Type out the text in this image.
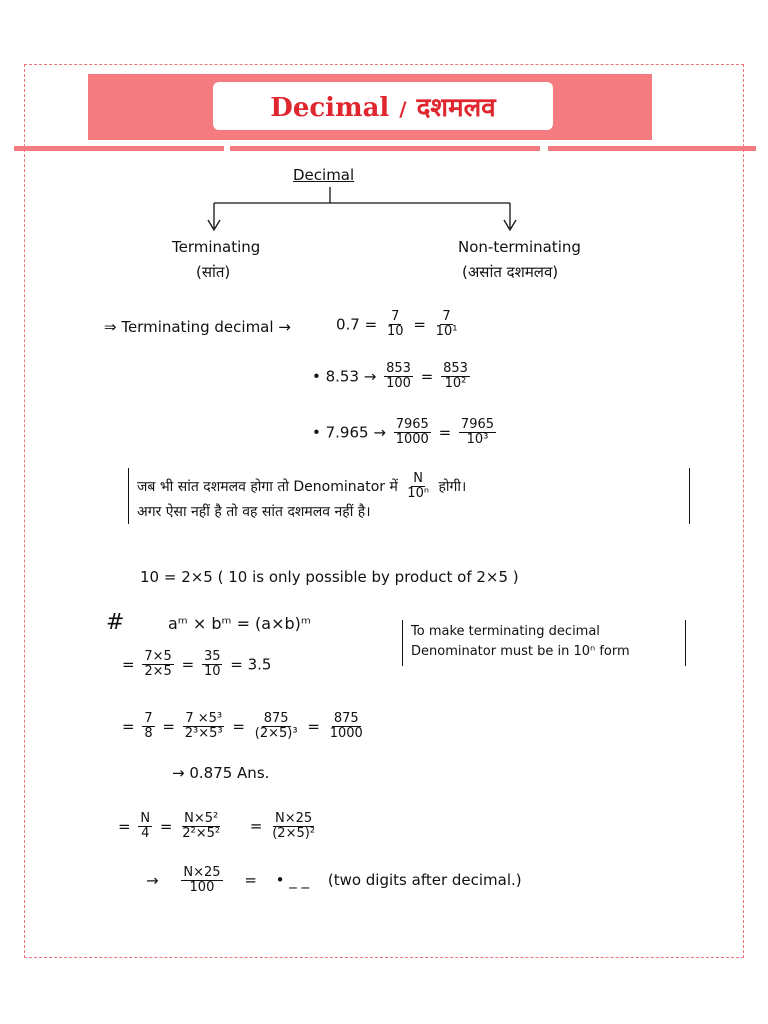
Decimal / दशमलव
Decimal
Terminating
(सांत)
Non-terminating
(असांत दशमलव)
⇒ Terminating decimal →	$0.7 = \frac{7}{10} = \frac{7}{\text{10¹}}$
• $8.53 \to \frac{853}{100} = \frac{853}{\text{10²}}$
• $7.965 \to \frac{7965}{1000} = \frac{7965}{\text{10³}}$
जब भी सांत दशमलव होगा तो Denominator में $\frac{N}{\text{10ⁿ}}$ होगी।
अगर ऐसा नहीं है तो वह सांत दशमलव नहीं है।
10 = 2×5 ( 10 is only possible by product of 2×5 )
#	aᵐ × bᵐ = (a×b)ᵐ	To make terminating decimal
Denominator must be in 10ⁿ form
= $\frac{7\times 5}{2\times 5} = \frac{35}{10} = 3.5$
= $\frac{7}{8} = \frac{\text{7 ×5³}}{\text{2³×5³}} = \frac{875}{\text{(2×5)³}} = \frac{875}{1000}$
→ 0.875 Ans.
= $\frac{N}{4} = \frac{\text{N×5²}}{\text{2²×5²}} = \frac{N\times 25}{\text{(2×5)²}}$
→ $\frac{N\times 25}{100}$ = • _ _ (two digits after decimal.)
